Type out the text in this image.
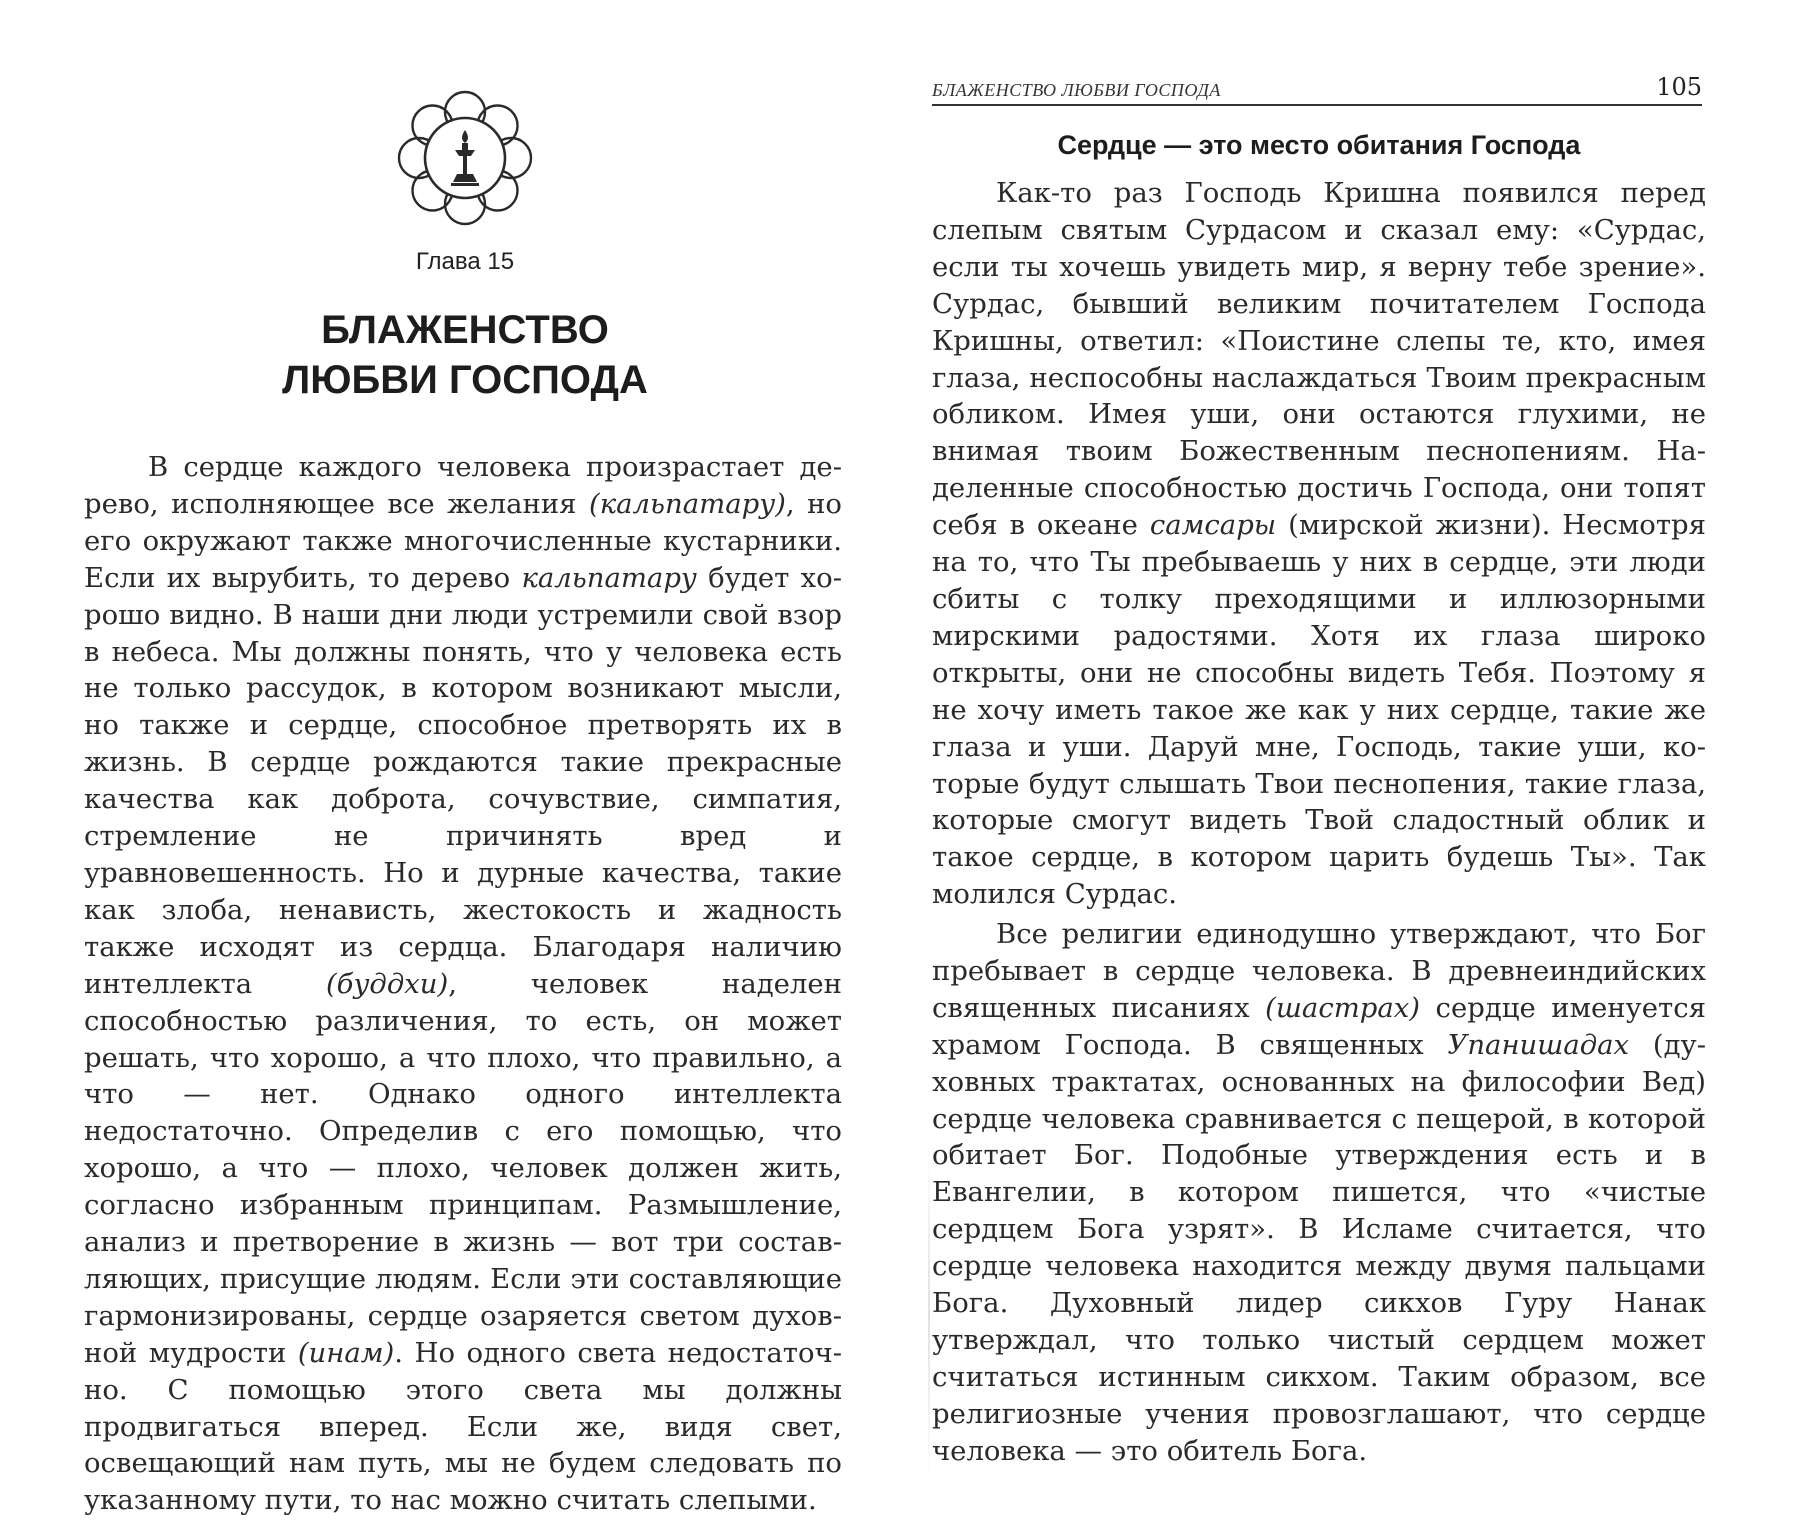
Глава 15
БЛАЖЕНСТВО
ЛЮБВИ ГОСПОДА

В сердце каждого человека произрастает дерево, исполняющее все желания (кальпатару), но его окружают также многочисленные кустарники. Если их вырубить, то дерево кальпатару будет хорошо видно. В наши дни люди устремили свой взор в небеса. Мы должны понять, что у человека есть не только рассудок, в котором возникают мысли, но также и сердце, способное претворять их в жизнь. В сердце рождаются такие прекрасные качества как доброта, сочувствие, симпатия, стремление не причинять вред и уравновешенность. Но и дурные качества, такие как злоба, ненависть, жестокость и жадность также исходят из сердца. Благодаря наличию интеллекта (буддхи), человек наделен способностью различения, то есть, он может решать, что хорошо, а что плохо, что правильно, а что — нет. Однако одного интеллекта недостаточно. Определив с его помощью, что хорошо, а что — плохо, человек должен жить, согласно избранным принципам. Размышление, анализ и претворение в жизнь — вот три составляющих, присущие людям. Если эти составляющие гармонизированы, сердце озаряется светом духовной мудрости (инам). Но одного света недостаточно. С помощью этого света мы должны продвигаться вперед. Если же, видя свет, освещающий нам путь, мы не будем следовать по указанному пути, то нас можно считать слепыми.

БЛАЖЕНСТВО ЛЮБВИ ГОСПОДА	105
Сердце — это место обитания Господа

Как-то раз Господь Кришна появился перед слепым святым Сурдасом и сказал ему: «Сурдас, если ты хочешь увидеть мир, я верну тебе зрение». Сурдас, бывший великим почитателем Господа Кришны, ответил: «Поистине слепы те, кто, имея глаза, неспособны наслаждаться Твоим прекрасным обликом. Имея уши, они остаются глухими, не внимая твоим Божественным песнопениям. Наделенные способностью достичь Господа, они топят себя в океане самсары (мирской жизни). Несмотря на то, что Ты пребываешь у них в сердце, эти люди сбиты с толку преходящими и иллюзорными мирскими радостями. Хотя их глаза широко открыты, они не способны видеть Тебя. Поэтому я не хочу иметь такое же как у них сердце, такие же глаза и уши. Даруй мне, Господь, такие уши, которые будут слышать Твои песнопения, такие глаза, которые смогут видеть Твой сладостный облик и такое сердце, в котором царить будешь Ты». Так молился Сурдас.

Все религии единодушно утверждают, что Бог пребывает в сердце человека. В древнеиндийских священных писаниях (шастрах) сердце именуется храмом Господа. В священных Упанишадах (духовных трактатах, основанных на философии Вед) сердце человека сравнивается с пещерой, в которой обитает Бог. Подобные утверждения есть и в Евангелии, в котором пишется, что «чистые сердцем Бога узрят». В Исламе считается, что сердце человека находится между двумя пальцами Бога. Духовный лидер сикхов Гуру Нанак утверждал, что только чистый сердцем может считаться истинным сикхом. Таким образом, все религиозные учения провозглашают, что сердце человека — это обитель Бога.
